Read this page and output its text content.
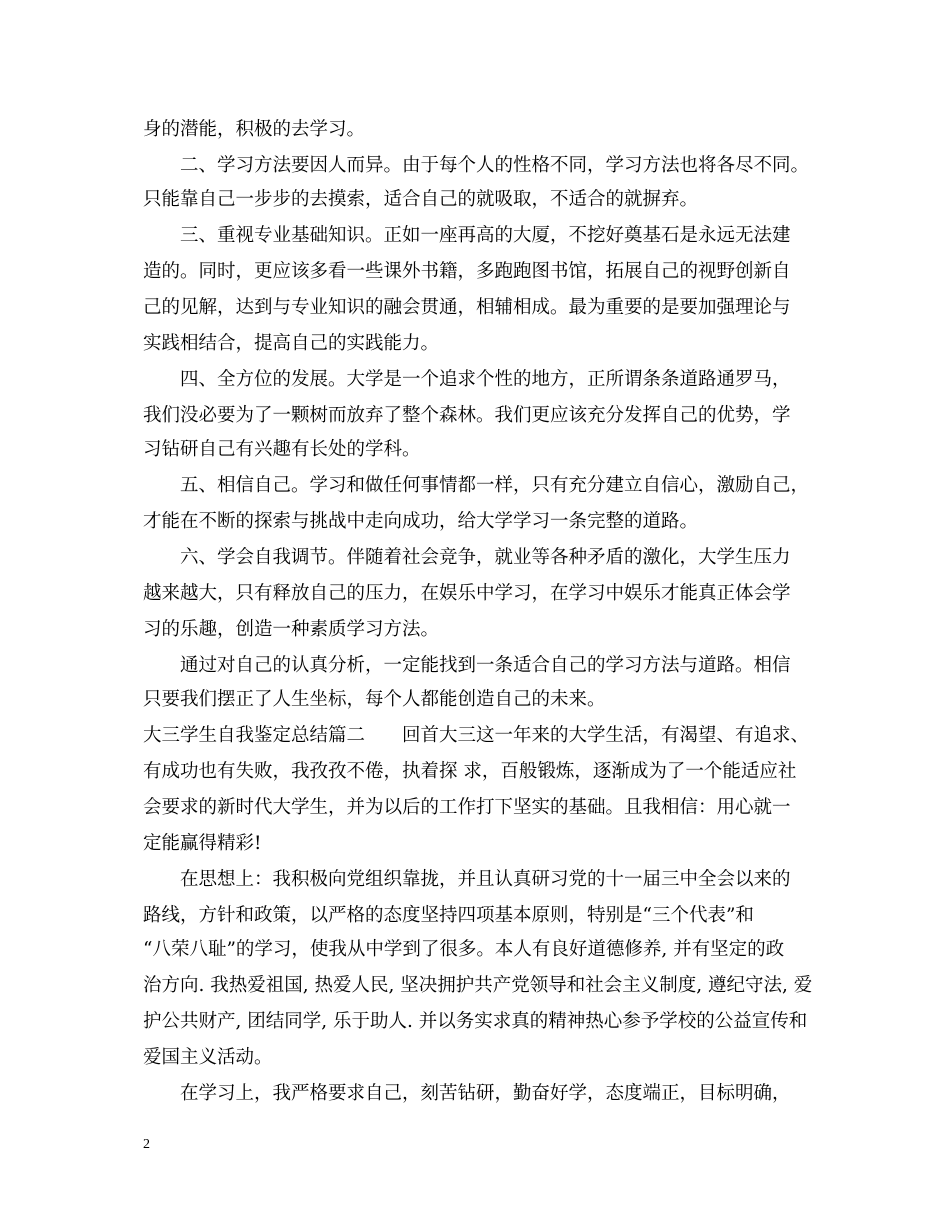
身的潜能，积极的去学习。
　　二、学习方法要因人而异。由于每个人的性格不同，学习方法也将各尽不同。
只能靠自己一步步的去摸索，适合自己的就吸取，不适合的就摒弃。
　　三、重视专业基础知识。正如一座再高的大厦，不挖好奠基石是永远无法建
造的。同时，更应该多看一些课外书籍，多跑跑图书馆，拓展自己的视野创新自
己的见解，达到与专业知识的融会贯通，相辅相成。最为重要的是要加强理论与
实践相结合，提高自己的实践能力。
　　四、全方位的发展。大学是一个追求个性的地方，正所谓条条道路通罗马，
我们没必要为了一颗树而放弃了整个森林。我们更应该充分发挥自己的优势，学
习钻研自己有兴趣有长处的学科。
　　五、相信自己。学习和做任何事情都一样，只有充分建立自信心，激励自己，
才能在不断的探索与挑战中走向成功，给大学学习一条完整的道路。
　　六、学会自我调节。伴随着社会竞争，就业等各种矛盾的激化，大学生压力
越来越大，只有释放自己的压力，在娱乐中学习，在学习中娱乐才能真正体会学
习的乐趣，创造一种素质学习方法。
　　通过对自己的认真分析，一定能找到一条适合自己的学习方法与道路。相信
只要我们摆正了人生坐标，每个人都能创造自己的未来。
大三学生自我鉴定总结篇二　　回首大三这一年来的大学生活，有渴望、有追求、
有成功也有失败，我孜孜不倦，执着探 求，百般锻炼，逐渐成为了一个能适应社
会要求的新时代大学生，并为以后的工作打下坚实的基础。且我相信：用心就一
定能赢得精彩!
　　在思想上：我积极向党组织靠拢，并且认真研习党的十一届三中全会以来的
路线，方针和政策，以严格的态度坚持四项基本原则，特别是“三个代表”和
“八荣八耻”的学习，使我从中学到了很多。本人有良好道德修养, 并有坚定的政
治方向. 我热爱祖国, 热爱人民, 坚决拥护共产党领导和社会主义制度, 遵纪守法, 爱
护公共财产, 团结同学, 乐于助人. 并以务实求真的精神热心参予学校的公益宣传和
爱国主义活动。
　　在学习上，我严格要求自己，刻苦钻研，勤奋好学，态度端正，目标明确，
2
